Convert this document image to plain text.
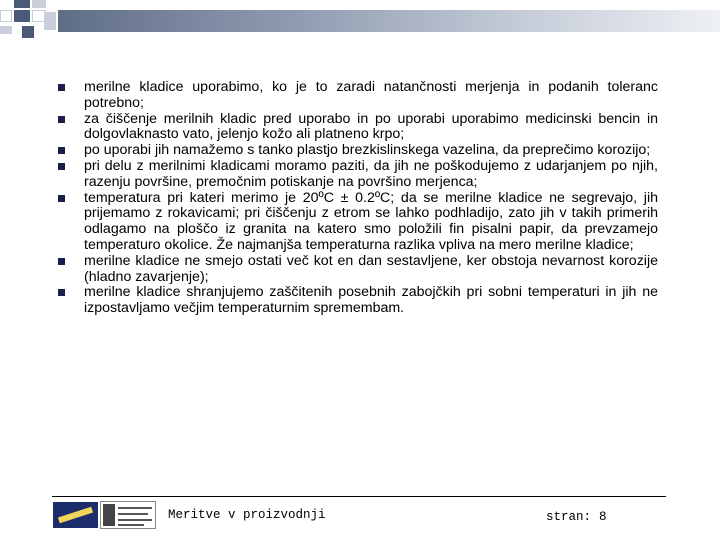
merilne kladice uporabimo, ko je to zaradi natančnosti merjenja in podanih toleranc potrebno;
za čiščenje merilnih kladic pred uporabo in po uporabi uporabimo medicinski bencin in dolgovlaknasto vato, jelenjo kožo ali platneno krpo;
po uporabi jih namažemo s tanko plastjo brezkislinskega vazelina, da preprečimo korozijo;
pri delu z merilnimi kladicami moramo paziti, da jih ne poškodujemo z udarjanjem po njih, razenju površine, premočnim potiskanje na površino merjenca;
temperatura pri kateri merimo je 20ºC ± 0.2ºC; da se merilne kladice ne segrevajo, jih prijemamo z rokavicami; pri čiščenju z etrom se lahko podhladijo, zato jih v takih primerih odlagamo na ploščo iz granita na katero smo položili fin pisalni papir, da prevzamejo temperaturo okolice. Že najmanjša temperaturna razlika vpliva na mero merilne kladice;
merilne kladice ne smejo ostati več kot en dan sestavljene, ker obstoja nevarnost korozije (hladno zavarjenje);
merilne kladice shranjujemo zaščitenih posebnih zabojčkih pri sobni temperaturi in jih ne izpostavljamo večjim temperaturnim spremembam.
Meritve v proizvodnji	stran: 8
